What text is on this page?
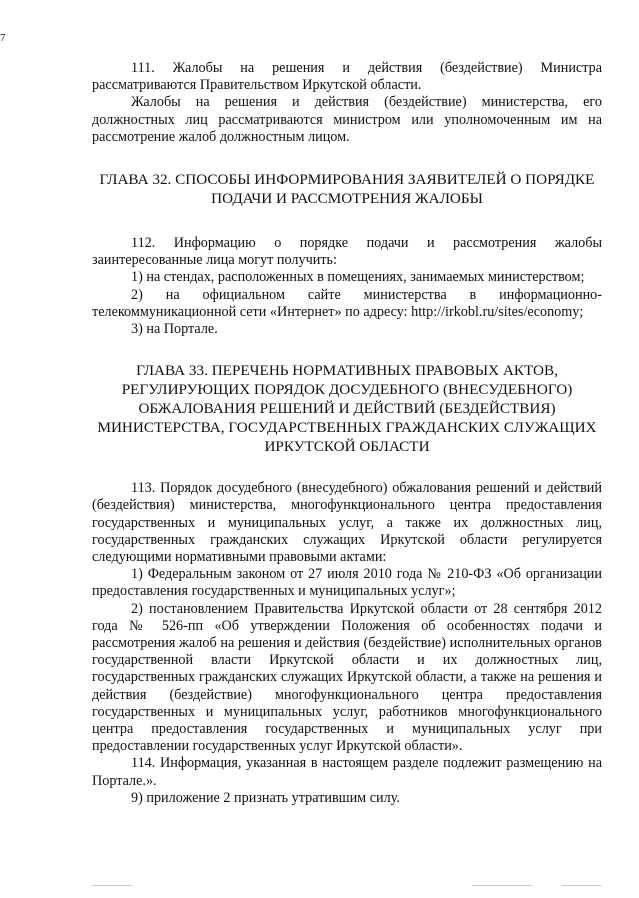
7

111. Жалобы на решения и действия (бездействие) Министра рассматриваются Правительством Иркутской области.

Жалобы на решения и действия (бездействие) министерства, его должностных лиц рассматриваются министром или уполномоченным им на рассмотрение жалоб должностным лицом.

ГЛАВА 32. СПОСОБЫ ИНФОРМИРОВАНИЯ ЗАЯВИТЕЛЕЙ О ПОРЯДКЕ
ПОДАЧИ И РАССМОТРЕНИЯ ЖАЛОБЫ

112. Информацию о порядке подачи и рассмотрения жалобы заинтересованные лица могут получить:

1) на стендах, расположенных в помещениях, занимаемых министерством;

2) на официальном сайте министерства в информационно-телекоммуникационной сети «Интернет» по адресу: http://irkobl.ru/sites/economy;

3) на Портале.

ГЛАВА 33. ПЕРЕЧЕНЬ НОРМАТИВНЫХ ПРАВОВЫХ АКТОВ,
РЕГУЛИРУЮЩИХ ПОРЯДОК ДОСУДЕБНОГО (ВНЕСУДЕБНОГО)
ОБЖАЛОВАНИЯ РЕШЕНИЙ И ДЕЙСТВИЙ (БЕЗДЕЙСТВИЯ)
МИНИСТЕРСТВА, ГОСУДАРСТВЕННЫХ ГРАЖДАНСКИХ СЛУЖАЩИХ
ИРКУТСКОЙ ОБЛАСТИ

113. Порядок досудебного (внесудебного) обжалования решений и действий (бездействия) министерства, многофункционального центра предоставления государственных и муниципальных услуг, а также их должностных лиц, государственных гражданских служащих Иркутской области регулируется следующими нормативными правовыми актами:

1) Федеральным законом от 27 июля 2010 года № 210-ФЗ «Об организации предоставления государственных и муниципальных услуг»;

2) постановлением Правительства Иркутской области от 28 сентября 2012 года № 526-пп «Об утверждении Положения об особенностях подачи и рассмотрения жалоб на решения и действия (бездействие) исполнительных органов государственной власти Иркутской области и их должностных лиц, государственных гражданских служащих Иркутской области, а также на решения и действия (бездействие) многофункционального центра предоставления государственных и муниципальных услуг, работников многофункционального центра предоставления государственных и муниципальных услуг при предоставлении государственных услуг Иркутской области».

114. Информация, указанная в настоящем разделе подлежит размещению на Портале.».

9) приложение 2 признать утратившим силу.
